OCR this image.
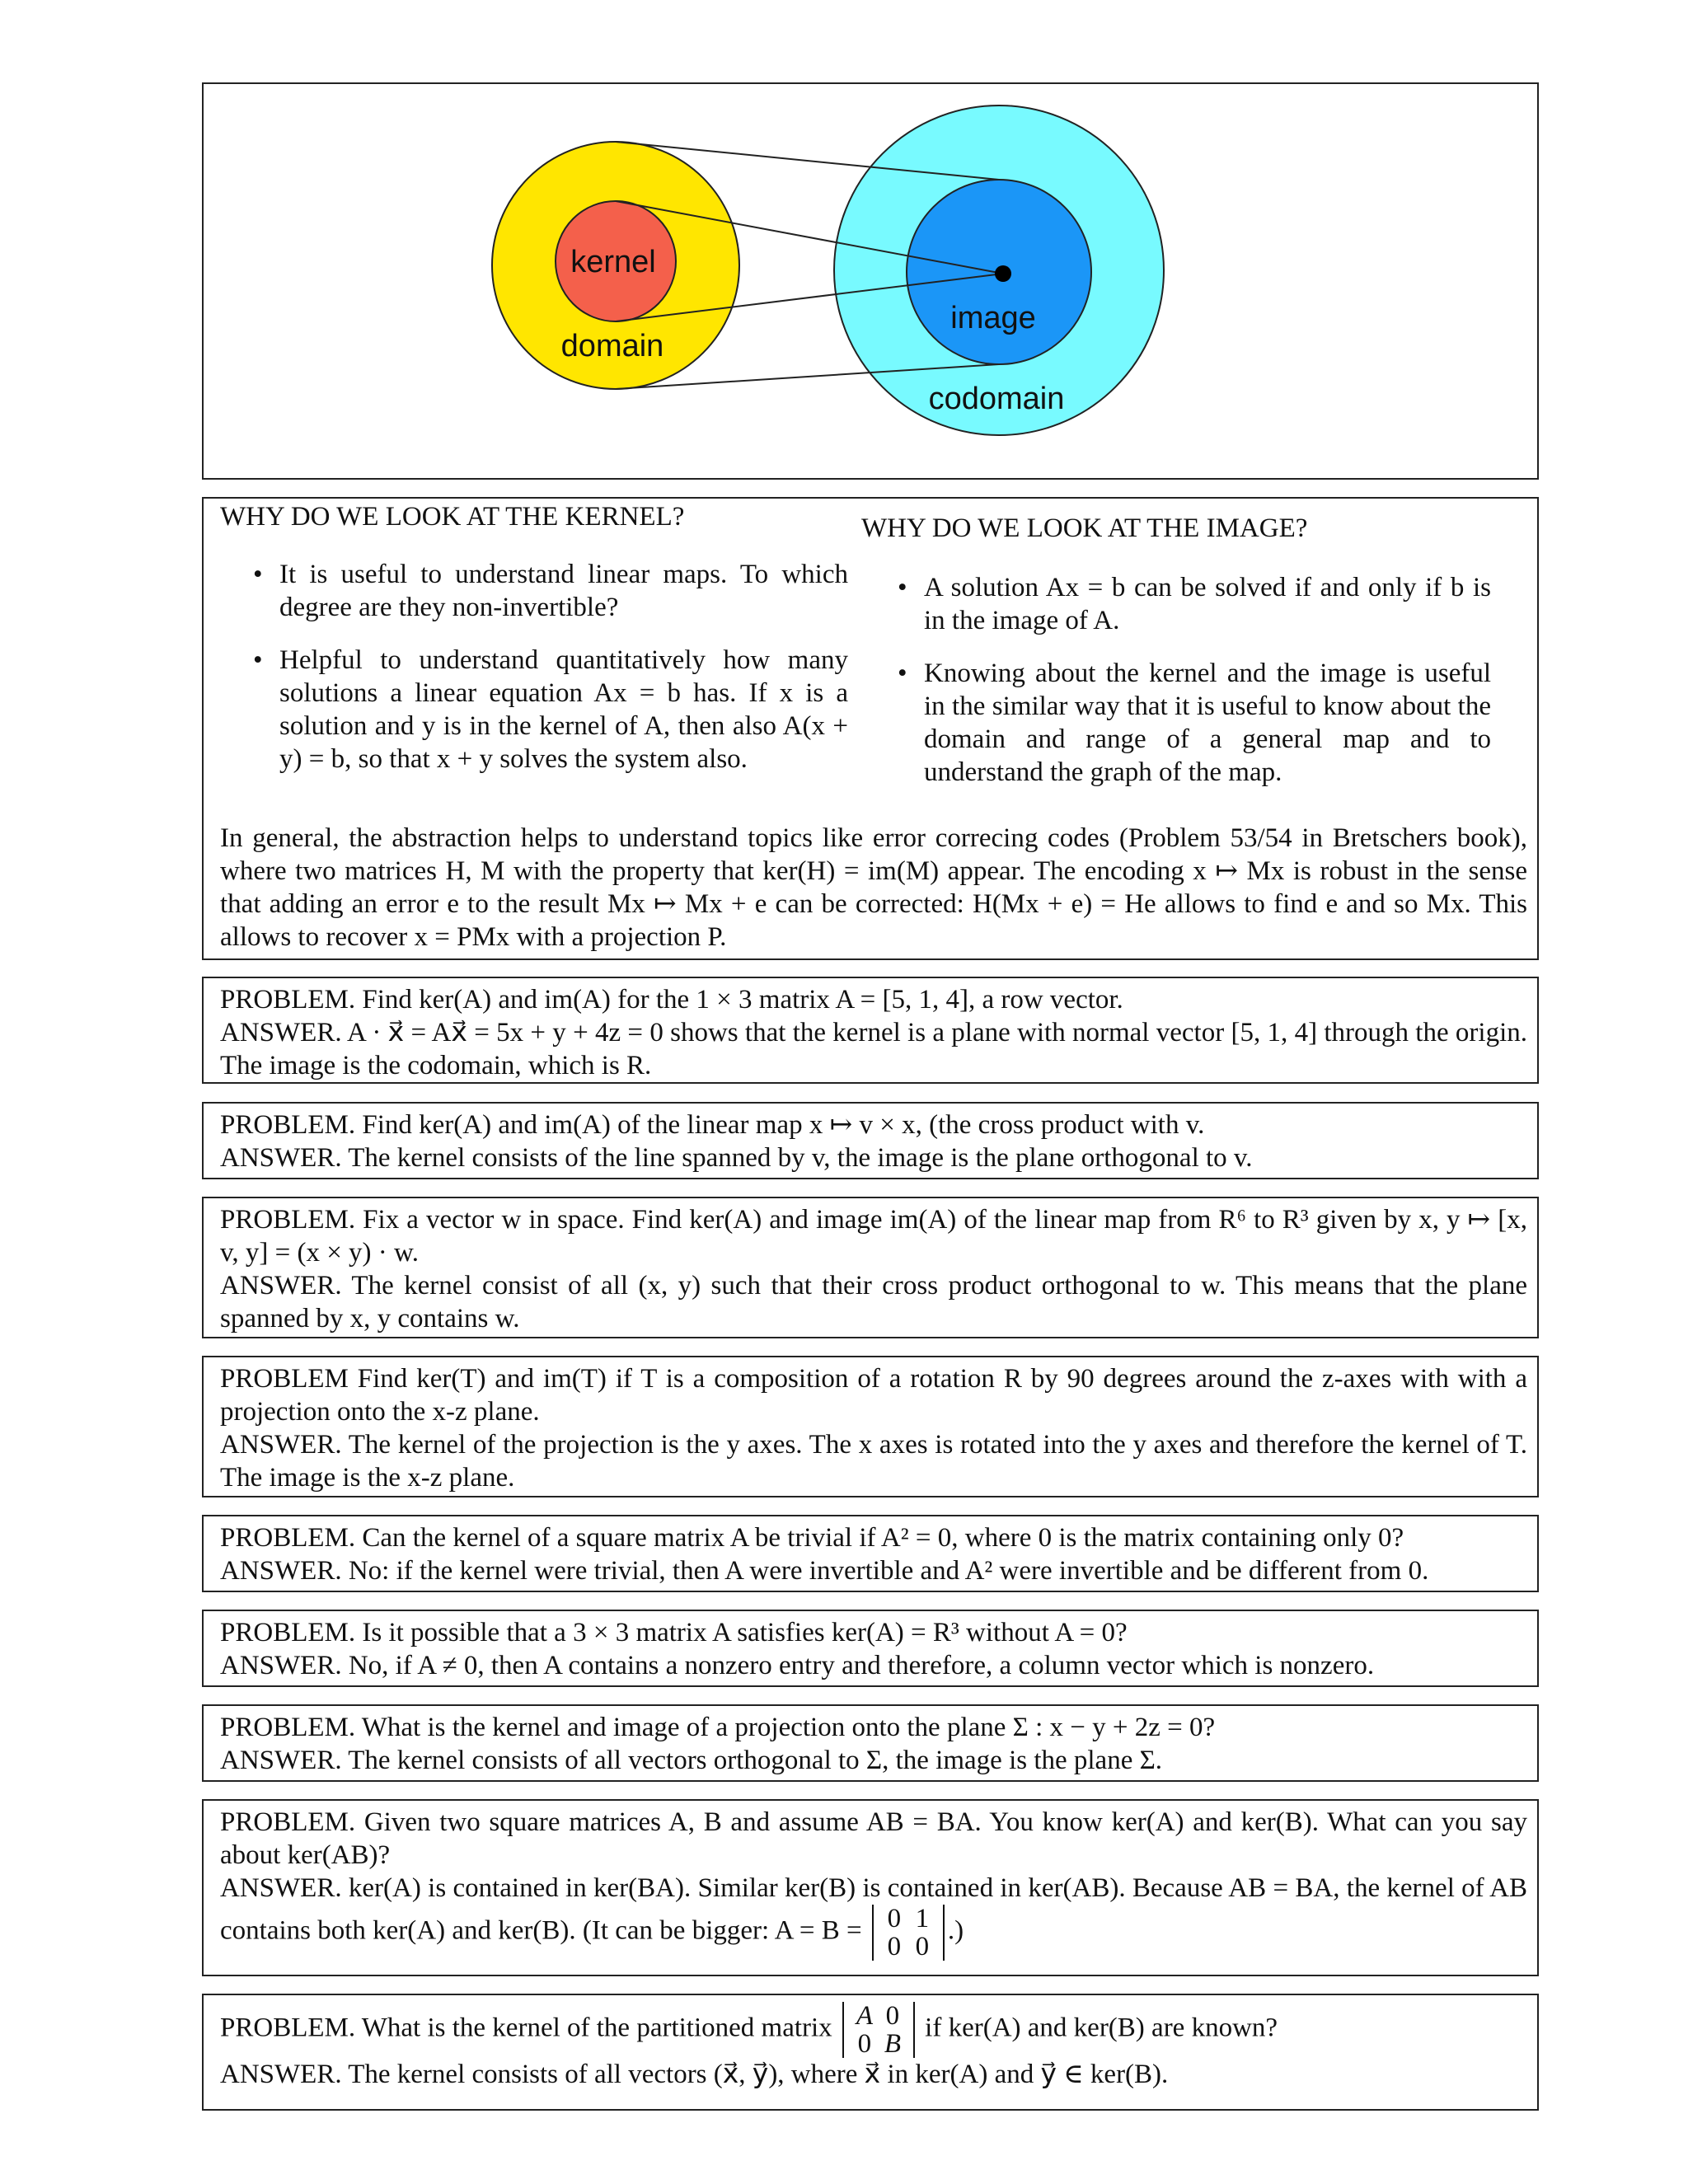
kernel
domain
image
codomain
WHY DO WE LOOK AT THE KERNEL?	WHY DO WE LOOK AT THE IMAGE?
• It is useful to understand linear maps. To which degree are they non-invertible?
• Helpful to understand quantitatively how many solutions a linear equation Ax = b has. If x is a solution and y is in the kernel of A, then also A(x + y) = b, so that x + y solves the system also.
• A solution Ax = b can be solved if and only if b is in the image of A.
• Knowing about the kernel and the image is useful in the similar way that it is useful to know about the domain and range of a general map and to understand the graph of the map.

In general, the abstraction helps to understand topics like error correcing codes (Problem 53/54 in Bretschers book), where two matrices H, M with the property that ker(H) = im(M) appear. The encoding x ↦ Mx is robust in the sense that adding an error e to the result Mx ↦ Mx + e can be corrected: H(Mx + e) = He allows to find e and so Mx. This allows to recover x = PMx with a projection P.

PROBLEM. Find ker(A) and im(A) for the 1 × 3 matrix A = [5, 1, 4], a row vector.

ANSWER. A · x⃗ = Ax⃗ = 5x + y + 4z = 0 shows that the kernel is a plane with normal vector [5, 1, 4] through the origin. The image is the codomain, which is R.

PROBLEM. Find ker(A) and im(A) of the linear map x ↦ v × x, (the cross product with v.

ANSWER. The kernel consists of the line spanned by v, the image is the plane orthogonal to v.

PROBLEM. Fix a vector w in space. Find ker(A) and image im(A) of the linear map from R⁶ to R³ given by x, y ↦ [x, v, y] = (x × y) · w.

ANSWER. The kernel consist of all (x, y) such that their cross product orthogonal to w. This means that the plane spanned by x, y contains w.

PROBLEM Find ker(T) and im(T) if T is a composition of a rotation R by 90 degrees around the z-axes with with a projection onto the x-z plane.

ANSWER. The kernel of the projection is the y axes. The x axes is rotated into the y axes and therefore the kernel of T. The image is the x-z plane.

PROBLEM. Can the kernel of a square matrix A be trivial if A² = 0, where 0 is the matrix containing only 0?

ANSWER. No: if the kernel were trivial, then A were invertible and A² were invertible and be different from 0.

PROBLEM. Is it possible that a 3 × 3 matrix A satisfies ker(A) = R³ without A = 0?

ANSWER. No, if A ≠ 0, then A contains a nonzero entry and therefore, a column vector which is nonzero.

PROBLEM. What is the kernel and image of a projection onto the plane Σ : x − y + 2z = 0?

ANSWER. The kernel consists of all vectors orthogonal to Σ, the image is the plane Σ.

PROBLEM. Given two square matrices A, B and assume AB = BA. You know ker(A) and ker(B). What can you say about ker(AB)?

ANSWER. ker(A) is contained in ker(BA). Similar ker(B) is contained in ker(AB). Because AB = BA, the kernel of AB contains both ker(A) and ker(B). (It can be bigger: A = B = 0 1
0 0.)

PROBLEM. What is the kernel of the partitioned matrix A 0
0 B if ker(A) and ker(B) are known?

ANSWER. The kernel consists of all vectors (x⃗, y⃗), where x⃗ in ker(A) and y⃗ ∈ ker(B).
